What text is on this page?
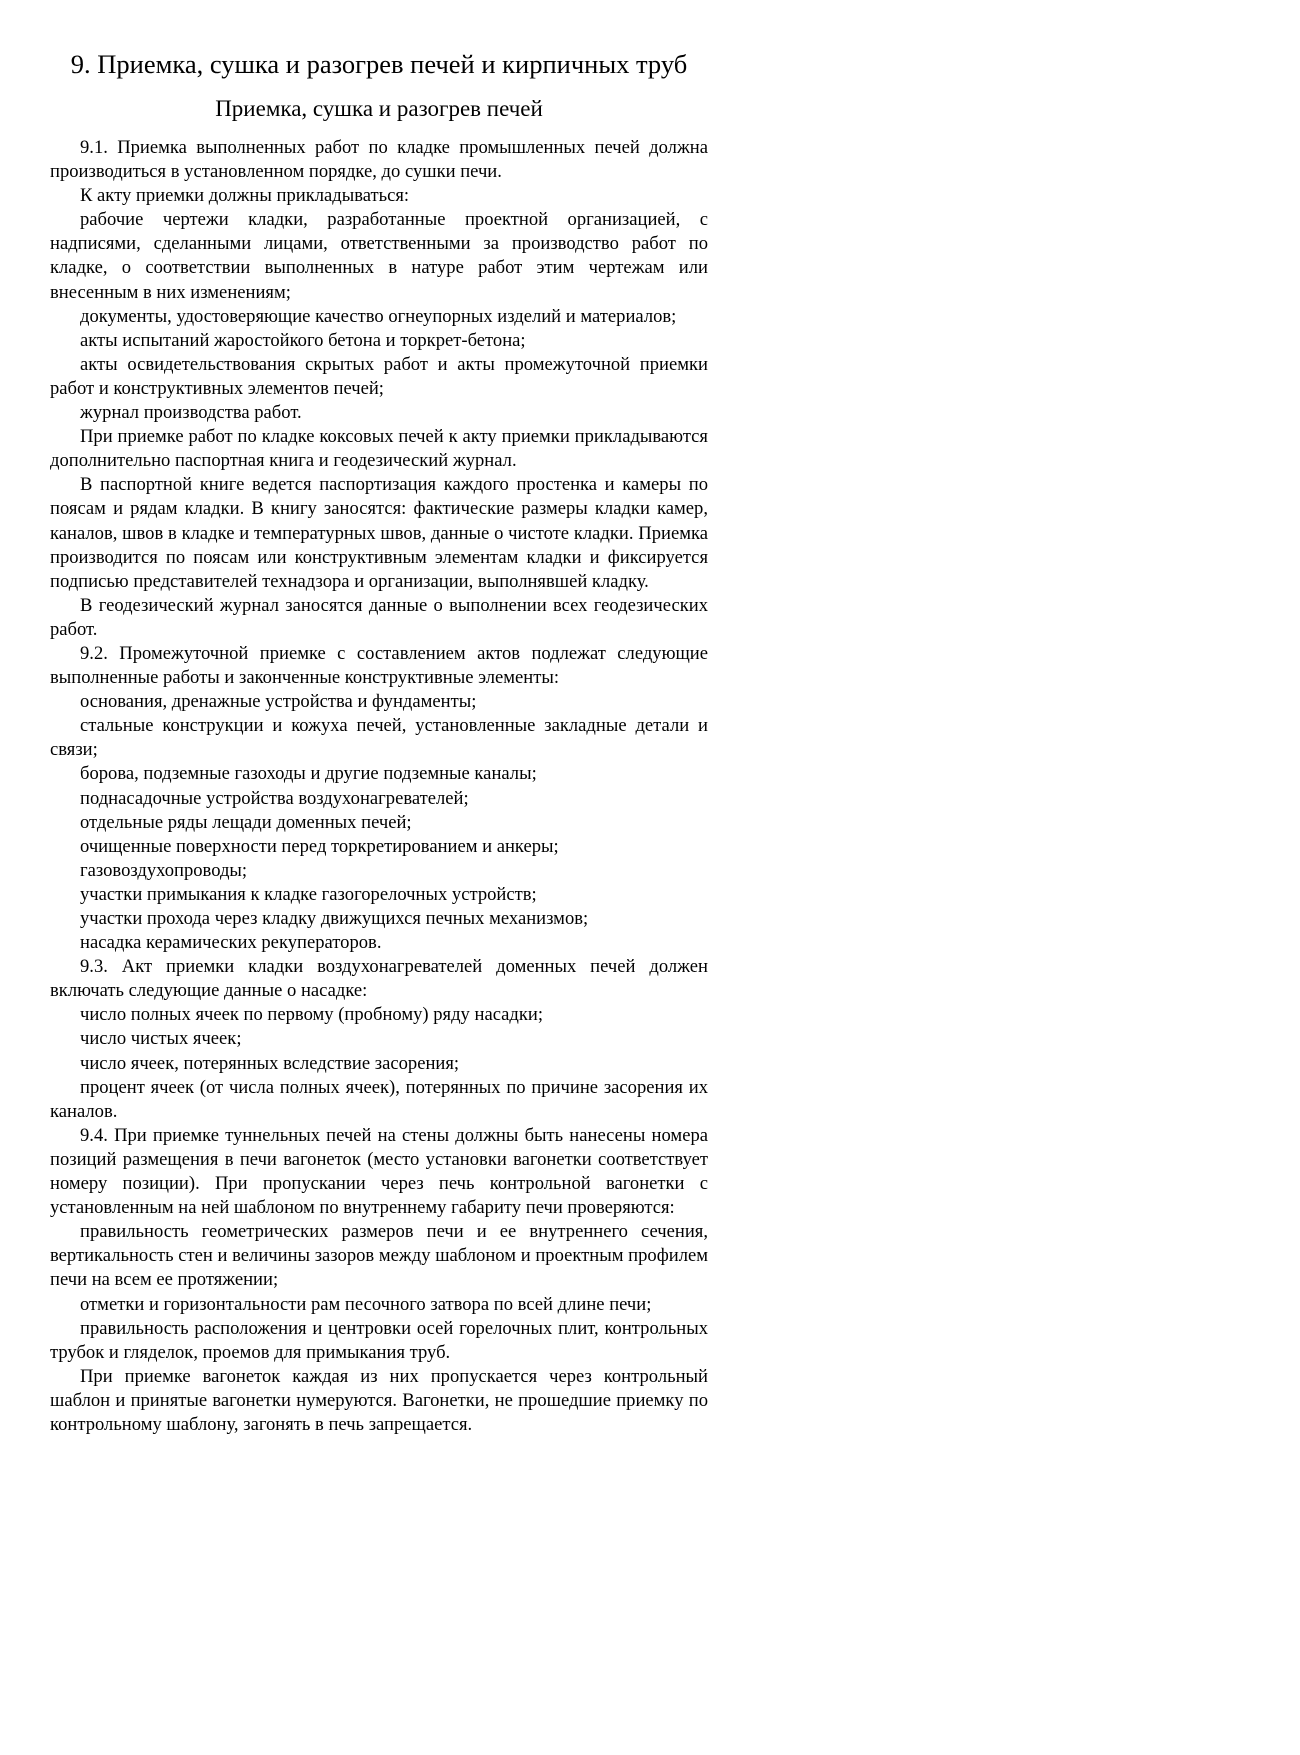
9. Приемка, сушка и разогрев печей и кирпичных труб
Приемка, сушка и разогрев печей

9.1. Приемка выполненных работ по кладке промышленных печей должна производиться в установленном порядке, до сушки печи.

К акту приемки должны прикладываться:

рабочие чертежи кладки, разработанные проектной организацией, с надписями, сделанными лицами, ответственными за производство работ по кладке, о соответствии выполненных в натуре работ этим чертежам или внесенным в них изменениям;

документы, удостоверяющие качество огнеупорных изделий и материалов;

акты испытаний жаростойкого бетона и торкрет-бетона;

акты освидетельствования скрытых работ и акты промежуточной приемки работ и конструктивных элементов печей;

журнал производства работ.

При приемке работ по кладке коксовых печей к акту приемки прикладываются дополнительно паспортная книга и геодезический журнал.

В паспортной книге ведется паспортизация каждого простенка и камеры по поясам и рядам кладки. В книгу заносятся: фактические размеры кладки камер, каналов, швов в кладке и температурных швов, данные о чистоте кладки. Приемка производится по поясам или конструктивным элементам кладки и фиксируется подписью представителей технадзора и организации, выполнявшей кладку.

В геодезический журнал заносятся данные о выполнении всех геодезических работ.

9.2. Промежуточной приемке с составлением актов подлежат следующие выполненные работы и законченные конструктивные элементы:

основания, дренажные устройства и фундаменты;

стальные конструкции и кожуха печей, установленные закладные детали и связи;

борова, подземные газоходы и другие подземные каналы;

поднасадочные устройства воздухонагревателей;

отдельные ряды лещади доменных печей;

очищенные поверхности перед торкретированием и анкеры;

газовоздухопроводы;

участки примыкания к кладке газогорелочных устройств;

участки прохода через кладку движущихся печных механизмов;

насадка керамических рекуператоров.

9.3. Акт приемки кладки воздухонагревателей доменных печей должен включать следующие данные о насадке:

число полных ячеек по первому (пробному) ряду насадки;

число чистых ячеек;

число ячеек, потерянных вследствие засорения;

процент ячеек (от числа полных ячеек), потерянных по причине засорения их каналов.

9.4. При приемке туннельных печей на стены должны быть нанесены номера позиций размещения в печи вагонеток (место установки вагонетки соответствует номеру позиции). При пропускании через печь контрольной вагонетки с установленным на ней шаблоном по внутреннему габариту печи проверяются:

правильность геометрических размеров печи и ее внутреннего сечения, вертикальность стен и величины зазоров между шаблоном и проектным профилем печи на всем ее протяжении;

отметки и горизонтальности рам песочного затвора по всей длине печи;

правильность расположения и центровки осей горелочных плит, контрольных трубок и гляделок, проемов для примыкания труб.

При приемке вагонеток каждая из них пропускается через контрольный шаблон и принятые вагонетки нумеруются. Вагонетки, не прошедшие приемку по контрольному шаблону, загонять в печь запрещается.
